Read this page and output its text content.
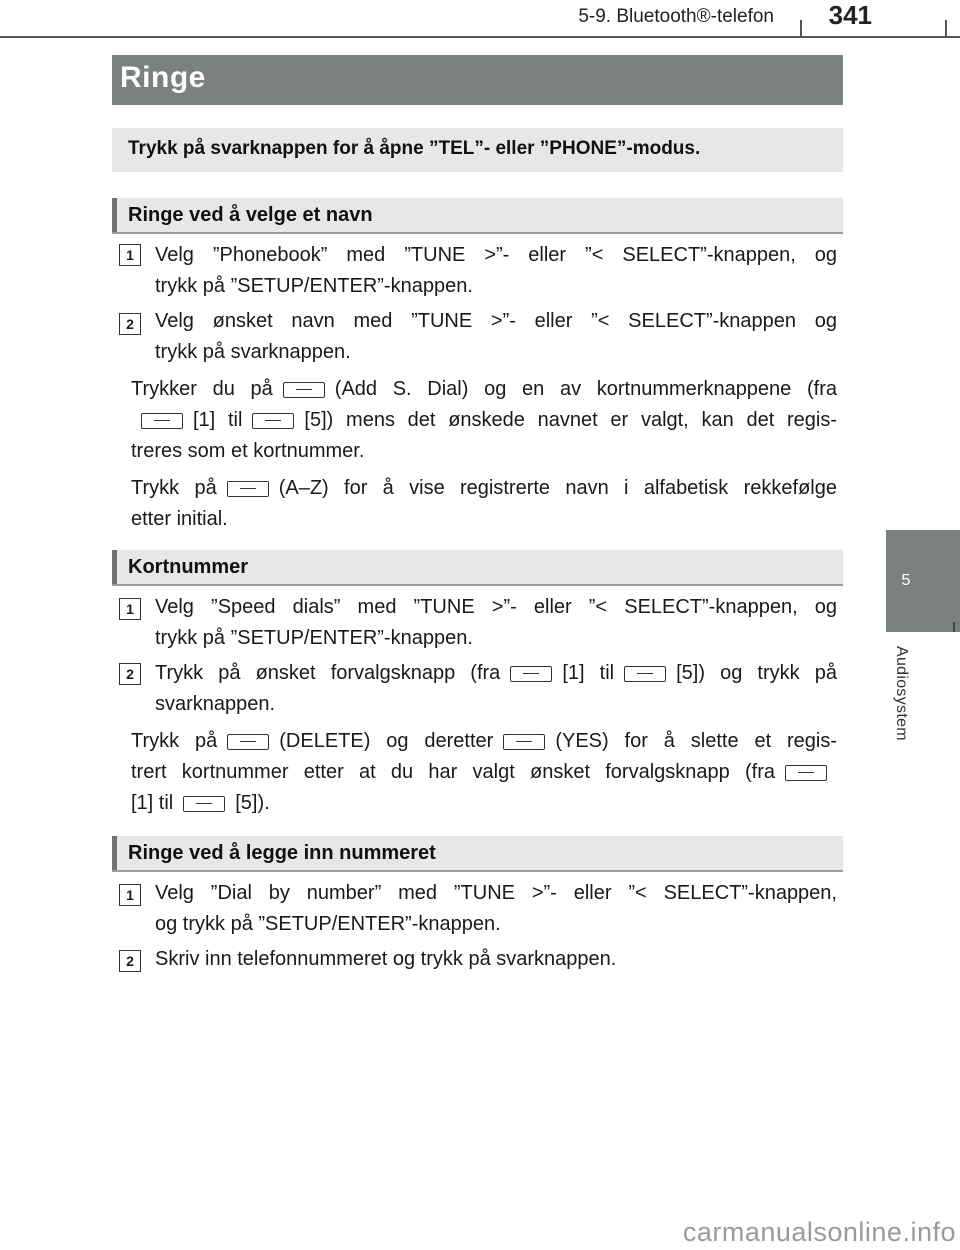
5-9. Bluetooth®-telefon 341
5
Audiosystem
Ringe
Trykk på svarknappen for å åpne ”TEL”- eller ”PHONE”-modus.
Ringe ved å velge et navn
1	Velg ”Phonebook” med ”TUNE >”- eller ”< SELECT”-knappen, og
trykk på ”SETUP/ENTER”-knappen.
2	Velg ønsket navn med ”TUNE >”- eller ”< SELECT”-knappen og
trykk på svarknappen.
Trykker du på	(Add S. Dial) og en av kortnummerknappene (fra
[1] til	[5]) mens det ønskede navnet er valgt, kan det regis-
treres som et kortnummer.
Trykk på	(A–Z) for å vise registrerte navn i alfabetisk rekkefølge
etter initial.
Kortnummer
1	Velg ”Speed dials” med ”TUNE >”- eller ”< SELECT”-knappen, og
trykk på ”SETUP/ENTER”-knappen.
2	Trykk på ønsket forvalgsknapp (fra	[1] til	[5]) og trykk på
svarknappen.
Trykk på	(DELETE) og deretter	(YES) for å slette et regis-
trert kortnummer etter at du har valgt ønsket forvalgsknapp (fra
[1] til	[5]).
Ringe ved å legge inn nummeret
1	Velg ”Dial by number” med ”TUNE >”- eller ”< SELECT”-knappen,
og trykk på ”SETUP/ENTER”-knappen.
2	Skriv inn telefonnummeret og trykk på svarknappen.
carmanualsonline.info
